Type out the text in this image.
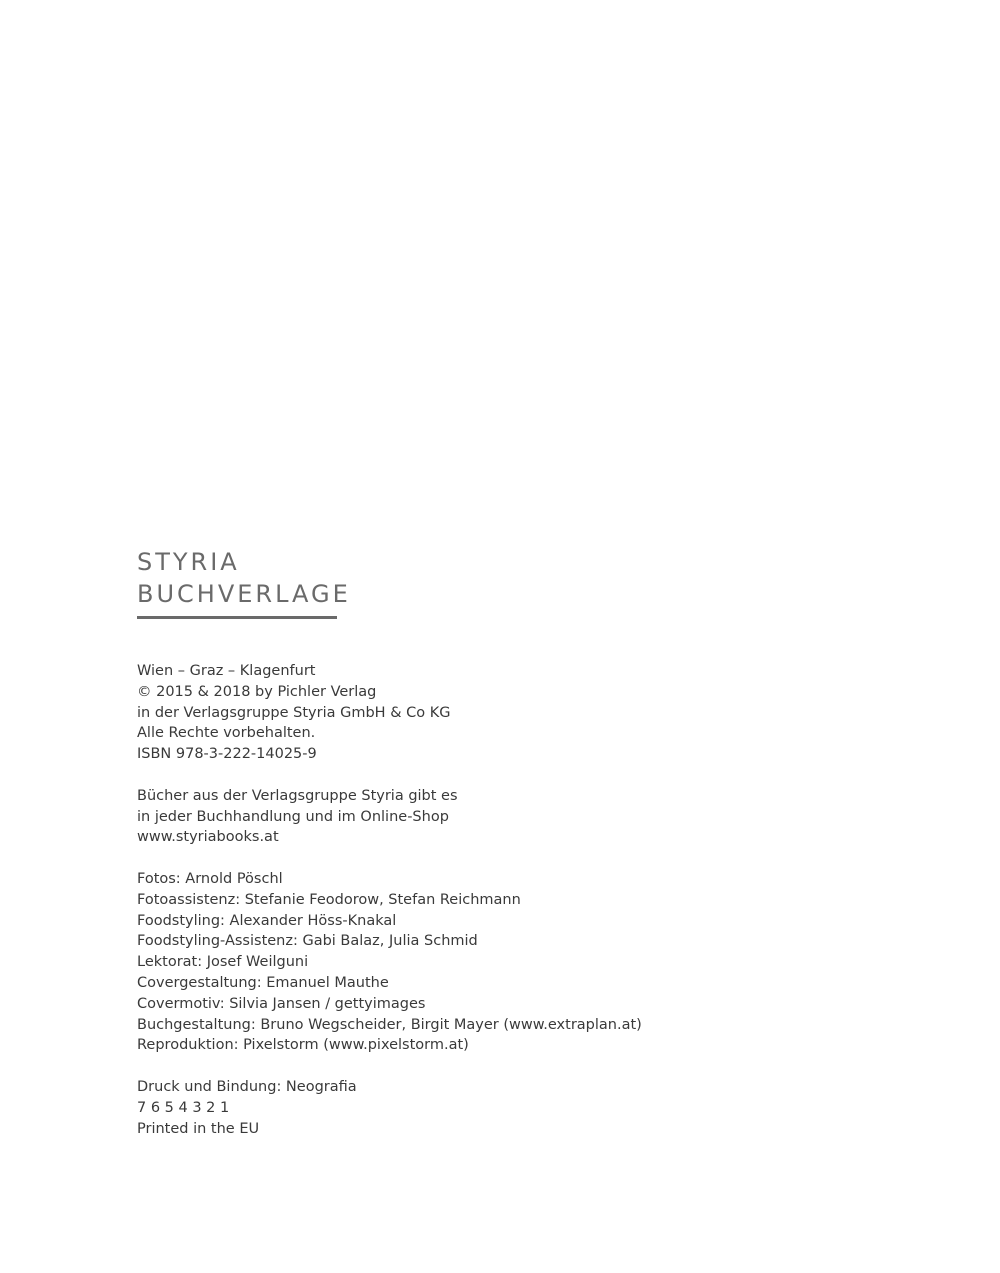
STYRIA
BUCHVERLAGE
Wien – Graz – Klagenfurt
© 2015 & 2018 by Pichler Verlag
in der Verlagsgruppe Styria GmbH & Co KG
Alle Rechte vorbehalten.
ISBN 978-3-222-14025-9
Bücher aus der Verlagsgruppe Styria gibt es
in jeder Buchhandlung und im Online-Shop
www.styriabooks.at
Fotos: Arnold Pöschl
Fotoassistenz: Stefanie Feodorow, Stefan Reichmann
Foodstyling: Alexander Höss-Knakal
Foodstyling-Assistenz: Gabi Balaz, Julia Schmid
Lektorat: Josef Weilguni
Covergestaltung: Emanuel Mauthe
Covermotiv: Silvia Jansen / gettyimages
Buchgestaltung: Bruno Wegscheider, Birgit Mayer (www.extraplan.at)
Reproduktion: Pixelstorm (www.pixelstorm.at)
Druck und Bindung: Neografia
7 6 5 4 3 2 1
Printed in the EU
